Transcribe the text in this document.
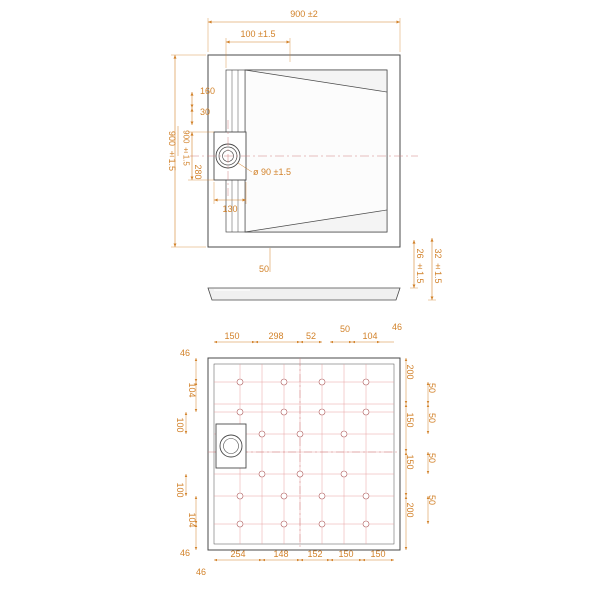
900 ±2
100 ±1.5
900 ±1.5
160
30
280
900 ±1.5
130
ø 90 ±1.5
50	26 ±1.5 32 ±1.5
150	298 52
50
104
46
46
104
100
100
104
46
46
200
50
50
150
150 50
50
200
254	148 152 150 150
